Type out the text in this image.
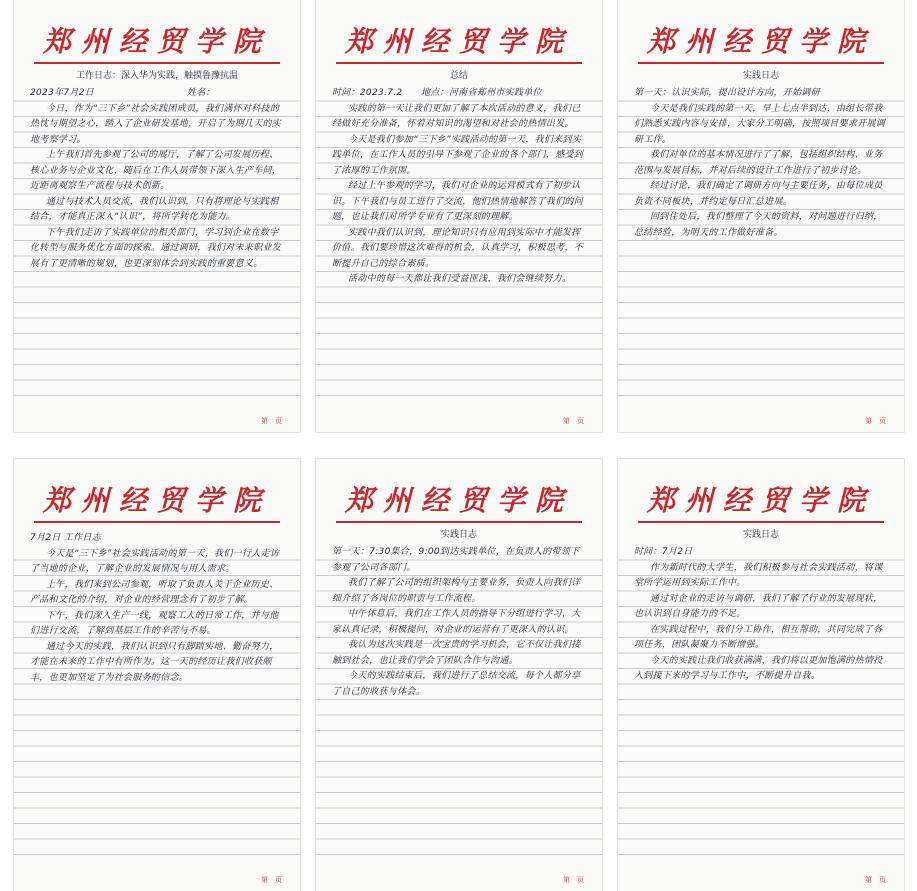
郑州经贸学院
工作日志：深入华为实践，触摸鲁豫抗温

2023年7月2日　　　　　　　　　　姓名：

今日，作为“三下乡”社会实践团成员，我们满怀对科技的热忱与期望之心，踏入了企业研发基地，开启了为期几天的实地考察学习。

上午我们首先参观了公司的展厅，了解了公司发展历程、核心业务与企业文化，随后在工作人员带领下深入生产车间，近距离观察生产流程与技术创新。

通过与技术人员交流，我们认识到，只有将理论与实践相结合，才能真正深入“认识”，将所学转化为能力。

下午我们走访了实践单位的相关部门，学习到企业在数字化转型与服务优化方面的探索。通过调研，我们对未来职业发展有了更清晰的规划，也更深刻体会到实践的重要意义。

第　页
郑州经贸学院
总结

时间：2023.7.2　　地点：河南省郑州市实践单位

实践的第一天让我们更加了解了本次活动的意义，我们已经做好充分准备，怀着对知识的渴望和对社会的热情出发。

今天是我们参加“三下乡”实践活动的第一天，我们来到实践单位，在工作人员的引导下参观了企业的各个部门，感受到了浓厚的工作氛围。

经过上午参观的学习，我们对企业的运营模式有了初步认识。下午我们与员工进行了交流，他们热情地解答了我们的问题，也让我们对所学专业有了更深刻的理解。

实践中我们认识到，理论知识只有应用到实际中才能发挥价值。我们要珍惜这次难得的机会，认真学习，积极思考，不断提升自己的综合素质。

活动中的每一天都让我们受益匪浅，我们会继续努力。

第　页
郑州经贸学院
实践日志

第一天：认识实际，提出设计方向，开始调研

今天是我们实践的第一天，早上七点半到达，由组长带我们熟悉实践内容与安排，大家分工明确，按照项目要求开展调研工作。

我们对单位的基本情况进行了了解，包括组织结构、业务范围与发展目标，并对后续的设计工作进行了初步讨论。

经过讨论，我们确定了调研方向与主要任务，由每位成员负责不同板块，并约定每日汇总进展。

回到住处后，我们整理了今天的资料，对问题进行归纳，总结经验，为明天的工作做好准备。

第　页
郑州经贸学院

7月2日 工作日志

今天是“三下乡”社会实践活动的第一天，我们一行人走访了当地的企业，了解企业的发展情况与用人需求。

上午，我们来到公司参观，听取了负责人关于企业历史、产品和文化的介绍，对企业的经营理念有了初步了解。

下午，我们深入生产一线，观察工人的日常工作，并与他们进行交流，了解到基层工作的辛苦与不易。

通过今天的实践，我们认识到只有脚踏实地、勤奋努力，才能在未来的工作中有所作为。这一天的经历让我们收获颇丰，也更加坚定了为社会服务的信念。

第　页
郑州经贸学院
实践日志

第一天：7:30集合，9:00到达实践单位，在负责人的带领下参观了公司各部门。

我们了解了公司的组织架构与主要业务，负责人向我们详细介绍了各岗位的职责与工作流程。

中午休息后，我们在工作人员的指导下分组进行学习，大家认真记录，积极提问，对企业的运营有了更深入的认识。

我认为这次实践是一次宝贵的学习机会，它不仅让我们接触到社会，也让我们学会了团队合作与沟通。

今天的实践结束后，我们进行了总结交流，每个人都分享了自己的收获与体会。

第　页
郑州经贸学院
实践日志

时间：7月2日

作为新时代的大学生，我们积极参与社会实践活动，将课堂所学运用到实际工作中。

通过对企业的走访与调研，我们了解了行业的发展现状，也认识到自身能力的不足。

在实践过程中，我们分工协作，相互帮助，共同完成了各项任务，团队凝聚力不断增强。

今天的实践让我们收获满满，我们将以更加饱满的热情投入到接下来的学习与工作中，不断提升自我。

第　页
